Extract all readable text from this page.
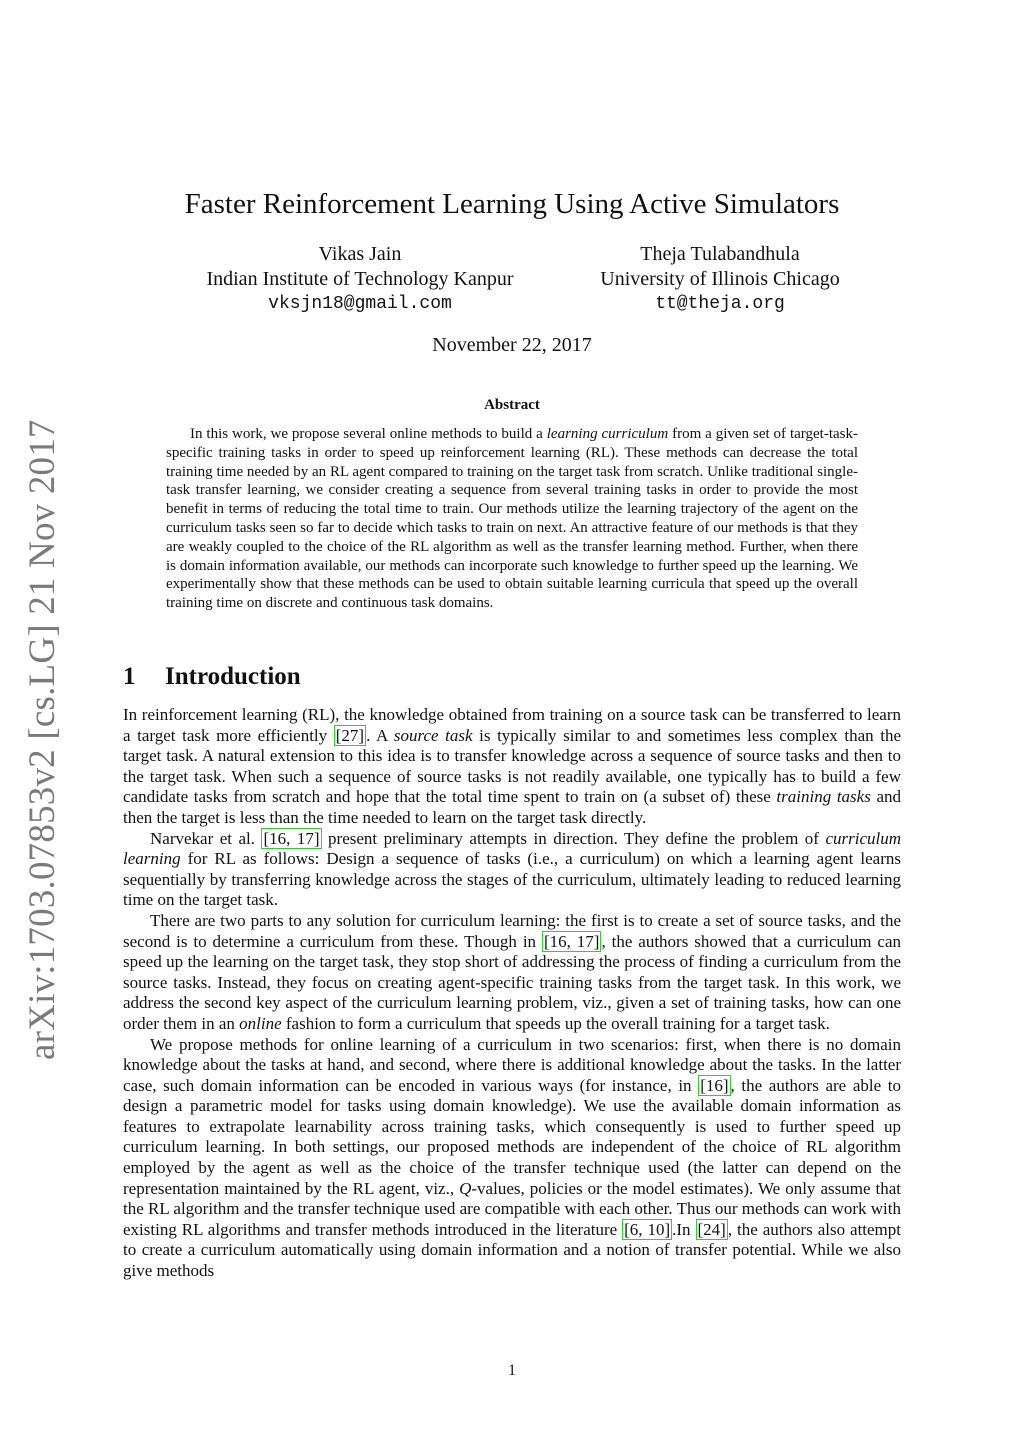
arXiv:1703.07853v2 [cs.LG] 21 Nov 2017
Faster Reinforcement Learning Using Active Simulators
Vikas Jain
Indian Institute of Technology Kanpur
vksjn18@gmail.com
Theja Tulabandhula
University of Illinois Chicago
tt@theja.org
November 22, 2017
Abstract

In this work, we propose several online methods to build a learning curriculum from a given set of target-task-specific training tasks in order to speed up reinforcement learning (RL). These methods can decrease the total training time needed by an RL agent compared to training on the target task from scratch. Unlike traditional single-task transfer learning, we consider creating a sequence from several training tasks in order to provide the most benefit in terms of reducing the total time to train. Our methods utilize the learning trajectory of the agent on the curriculum tasks seen so far to decide which tasks to train on next. An attractive feature of our methods is that they are weakly coupled to the choice of the RL algorithm as well as the transfer learning method. Further, when there is domain information available, our methods can incorporate such knowledge to further speed up the learning. We experimentally show that these methods can be used to obtain suitable learning curricula that speed up the overall training time on discrete and continuous task domains.

1 Introduction

In reinforcement learning (RL), the knowledge obtained from training on a source task can be transferred to learn a target task more efficiently [27] . A source task is typically similar to and sometimes less complex than the target task. A natural extension to this idea is to transfer knowledge across a sequence of source tasks and then to the target task. When such a sequence of source tasks is not readily available, one typically has to build a few candidate tasks from scratch and hope that the total time spent to train on (a subset of) these training tasks and then the target is less than the time needed to learn on the target task directly.

Narvekar et al. [16, 17] present preliminary attempts in direction. They define the problem of curriculum learning for RL as follows: Design a sequence of tasks (i.e., a curriculum) on which a learning agent learns sequentially by transferring knowledge across the stages of the curriculum, ultimately leading to reduced learning time on the target task.

There are two parts to any solution for curriculum learning: the first is to create a set of source tasks, and the second is to determine a curriculum from these. Though in [16, 17] , the authors showed that a curriculum can speed up the learning on the target task, they stop short of addressing the process of finding a curriculum from the source tasks. Instead, they focus on creating agent-specific training tasks from the target task. In this work, we address the second key aspect of the curriculum learning problem, viz., given a set of training tasks, how can one order them in an online fashion to form a curriculum that speeds up the overall training for a target task.

We propose methods for online learning of a curriculum in two scenarios: first, when there is no domain knowledge about the tasks at hand, and second, where there is additional knowledge about the tasks. In the latter case, such domain information can be encoded in various ways (for instance, in [16] , the authors are able to design a parametric model for tasks using domain knowledge). We use the available domain information as features to extrapolate learnability across training tasks, which consequently is used to further speed up curriculum learning. In both settings, our proposed methods are independent of the choice of RL algorithm employed by the agent as well as the choice of the transfer technique used (the latter can depend on the representation maintained by the RL agent, viz., Q-values, policies or the model estimates). We only assume that the RL algorithm and the transfer technique used are compatible with each other. Thus our methods can work with existing RL algorithms and transfer methods introduced in the literature [6, 10] .In [24] , the authors also attempt to create a curriculum automatically using domain information and a notion of transfer potential. While we also give methods

1
